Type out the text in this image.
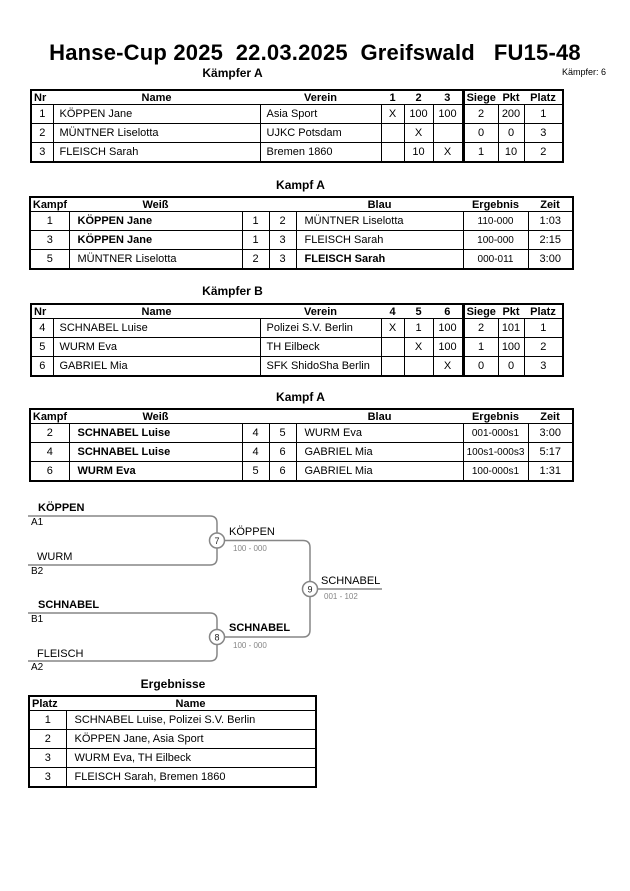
Hanse-Cup 2025  22.03.2025  Greifswald   FU15-48
Kämpfer: 6
Kämpfer A
Nr	Name	Verein	1	2	3	Siege	Pkt	Platz
1	KÖPPEN Jane	Asia Sport	X	100	100	2	200	1
2	MÜNTNER Liselotta	UJKC Potsdam		X		0	0	3
3	FLEISCH Sarah	Bremen 1860		10	X	1	10	2
Kampf A
Kampf	Weiß			Blau	Ergebnis	Zeit
1	KÖPPEN Jane	1	2	MÜNTNER Liselotta	110-000	1:03
3	KÖPPEN Jane	1	3	FLEISCH Sarah	100-000	2:15
5	MÜNTNER Liselotta	2	3	FLEISCH Sarah	000-011	3:00
Kämpfer B
Nr	Name	Verein	4	5	6	Siege	Pkt	Platz
4	SCHNABEL Luise	Polizei S.V. Berlin	X	1	100	2	101	1
5	WURM Eva	TH Eilbeck		X	100	1	100	2
6	GABRIEL Mia	SFK ShidoSha Berlin			X	0	0	3
Kampf A
Kampf	Weiß			Blau	Ergebnis	Zeit
2	SCHNABEL Luise	4	5	WURM Eva	001-000s1	3:00
4	SCHNABEL Luise	4	6	GABRIEL Mia	100s1-000s3	5:17
6	WURM Eva	5	6	GABRIEL Mia	100-000s1	1:31
7
8
9
KÖPPEN
A1
WURM
B2
SCHNABEL
B1
FLEISCH
A2
KÖPPEN
100 - 000
SCHNABEL
100 - 000
SCHNABEL
001 - 102
Ergebnisse
Platz	Name
1	SCHNABEL Luise, Polizei S.V. Berlin
2	KÖPPEN Jane, Asia Sport
3	WURM Eva, TH Eilbeck
3	FLEISCH Sarah, Bremen 1860
